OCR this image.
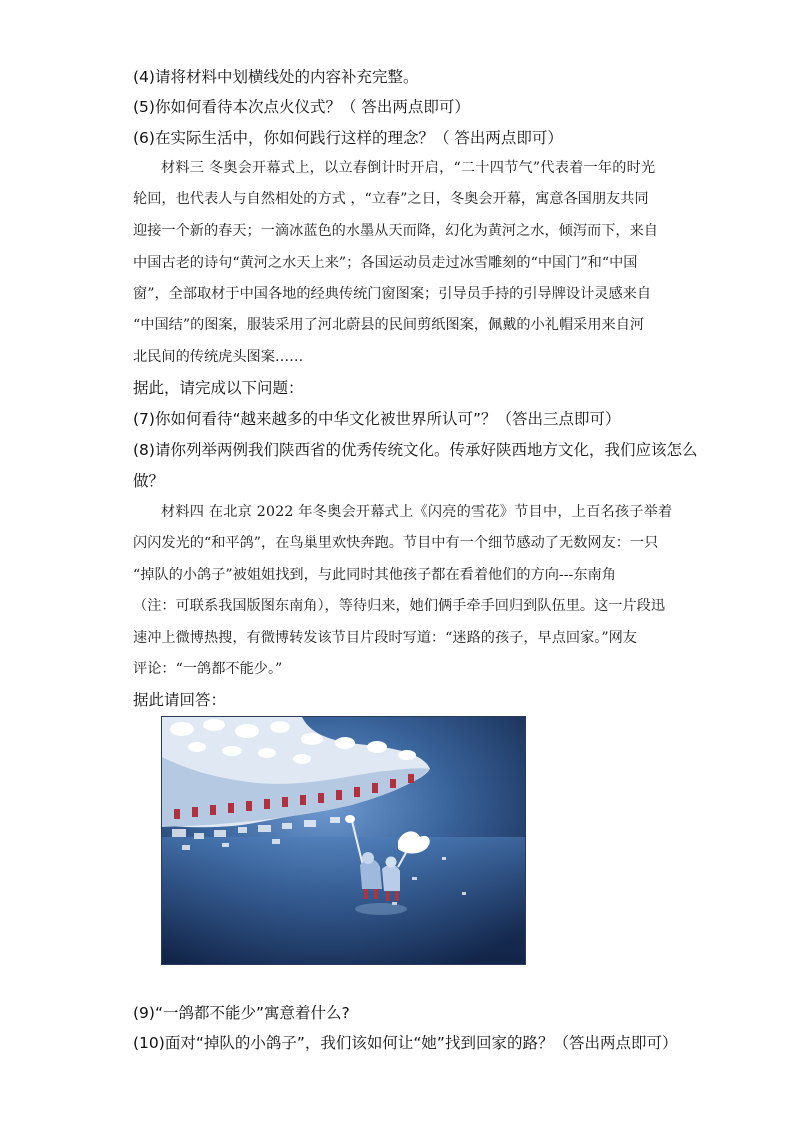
(4)请将材料中划横线处的内容补充完整。
(5)你如何看待本次点火仪式？（ 答出两点即可）
(6)在实际生活中，你如何践行这样的理念？（ 答出两点即可）
材料三 冬奥会开幕式上，以立春倒计时开启，“二十四节气”代表着一年的时光
轮回，也代表人与自然相处的方式 ，“立春”之日，冬奥会开幕，寓意各国朋友共同
迎接一个新的春天；一滴冰蓝色的水墨从天而降，幻化为黄河之水，倾泻而下，来自
中国古老的诗句“黄河之水天上来”；各国运动员走过冰雪雕刻的“中国门”和“中国
窗”，全部取材于中国各地的经典传统门窗图案；引导员手持的引导牌设计灵感来自
“中国结”的图案，服装采用了河北蔚县的民间剪纸图案，佩戴的小礼帽采用来自河
北民间的传统虎头图案……
据此，请完成以下问题：
(7)你如何看待“越来越多的中华文化被世界所认可”？（答出三点即可）
(8)请你列举两例我们陕西省的优秀传统文化。传承好陕西地方文化，我们应该怎么
做？
材料四 在北京 2022 年冬奥会开幕式上《闪亮的雪花》节目中，上百名孩子举着
闪闪发光的“和平鸽”，在鸟巢里欢快奔跑。节目中有一个细节感动了无数网友：一只
“掉队的小鸽子”被姐姐找到，与此同时其他孩子都在看着他们的方向---东南角
（注：可联系我国版图东南角），等待归来，她们俩手牵手回归到队伍里。这一片段迅
速冲上微博热搜，有微博转发该节目片段时写道：“迷路的孩子，早点回家。”网友
评论：“一鸽都不能少。”
据此请回答：
(9)“一鸽都不能少”寓意着什么?
(10)面对“掉队的小鸽子”，我们该如何让“她”找到回家的路？（答出两点即可）
